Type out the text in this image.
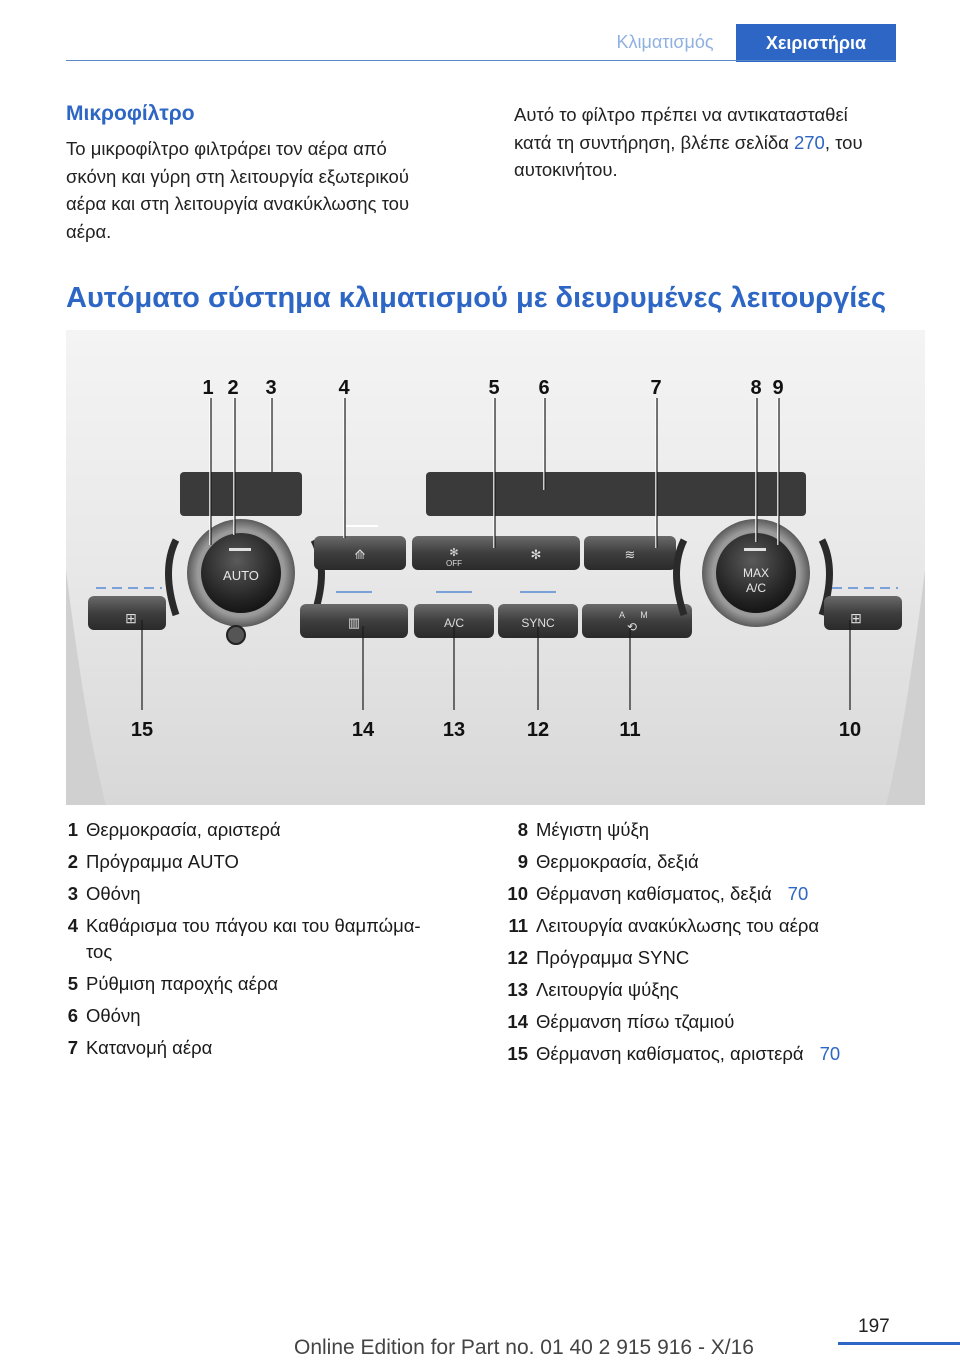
Κλιματισμός	Χειριστήρια
Μικροφίλτρο
Το μικροφίλτρο φιλτράρει τον αέρα από
σκόνη και γύρη στη λειτουργία εξωτερικού
αέρα και στη λειτουργία ανακύκλωσης του
αέρα.
Αυτό το φίλτρο πρέπει να αντικατασταθεί
κατά τη συντήρηση, βλέπε σελίδα 270, του
αυτοκινήτου.
Αυτόματο σύστημα κλιματισμού με διευρυμένες λειτουργίες
AUTO
⊞
⟰	✻
OFF
✻	≋
▥	A/C	SYNC
A M
⟲
MAX
A/C
⊞
1 2 3	4	5 6	7	8 9
15	14	13	12	11	10
1 Θερμοκρασία, αριστερά
2 Πρόγραμμα AUTO
3 Οθόνη
4 Καθάρισμα του πάγου και του θαμπώμα-
τος
5 Ρύθμιση παροχής αέρα
6 Οθόνη
7 Κατανομή αέρα
8 Μέγιστη ψύξη
9 Θερμοκρασία, δεξιά
10 Θέρμανση καθίσματος, δεξιά 70
11 Λειτουργία ανακύκλωσης του αέρα
12 Πρόγραμμα SYNC
13 Λειτουργία ψύξης
14 Θέρμανση πίσω τζαμιού
15 Θέρμανση καθίσματος, αριστερά 70
197
Online Edition for Part no. 01 40 2 915 916 - X/16
